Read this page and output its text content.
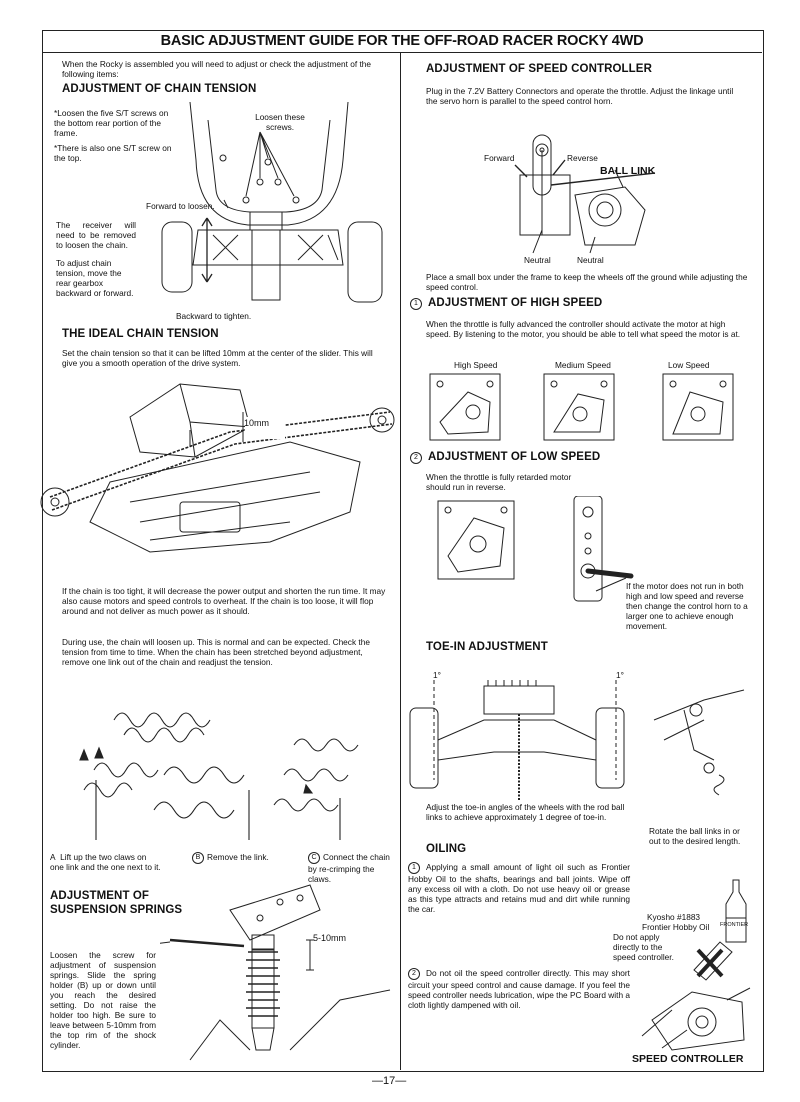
BASIC ADJUSTMENT GUIDE FOR THE OFF-ROAD RACER ROCKY 4WD
When the Rocky is assembled you will need to adjust or check the adjustment of the following items:
ADJUSTMENT OF CHAIN TENSION
*Loosen the five S/T screws on the bottom rear portion of the frame.
*There is also one S/T screw on the top.
Loosen these screws.
Forward to loosen.
The receiver will need to be removed to loosen the chain.
To adjust chain tension, move the rear gearbox backward or forward.
Backward to tighten.
THE IDEAL CHAIN TENSION
Set the chain tension so that it can be lifted 10mm at the center of the slider. This will give you a smooth operation of the drive system.
10mm
If the chain is too tight, it will decrease the power output and shorten the run time. It may also cause motors and speed controls to overheat. If the chain is too loose, it will flop around and not deliver as much power as it should.
During use, the chain will loosen up. This is normal and can be expected. Check the tension from time to time. When the chain has been stretched beyond adjustment, remove one link out of the chain and readjust the tension.
A Lift up the two claws on one link and the one next to it.
B Remove the link.	C Connect the chain by re-crimping the claws.
ADJUSTMENT OF
SUSPENSION SPRINGS
Loosen the screw for adjustment of suspension springs. Slide the spring holder (B) up or down until you reach the desired setting. Do not raise the holder too high. Be sure to leave between 5-10mm from the top rim of the shock cylinder.
5-10mm
ADJUSTMENT OF SPEED CONTROLLER
Plug in the 7.2V Battery Connectors and operate the throttle. Adjust the linkage until the servo horn is parallel to the speed control horn.
Forward	Reverse
BALL LINK
Neutral	Neutral
Place a small box under the frame to keep the wheels off the ground while adjusting the speed control.
1 ADJUSTMENT OF HIGH SPEED
When the throttle is fully advanced the controller should activate the motor at high speed. By listening to the motor, you should be able to tell what speed the motor is at.
High Speed	Medium Speed	Low Speed
2 ADJUSTMENT OF LOW SPEED
When the throttle is fully retarded motor should run in reverse.
If the motor does not run in both high and low speed and reverse then change the control horn to a larger one to achieve enough movement.
TOE-IN ADJUSTMENT
1°	1°
Adjust the toe-in angles of the wheels with the rod ball links to achieve approximately 1 degree of toe-in.
Rotate the ball links in or out to the desired length.
OILING
1 Applying a small amount of light oil such as Frontier Hobby Oil to the shafts, bearings and ball joints. Wipe off any excess oil with a cloth. Do not use heavy oil or grease as this type attracts and retains mud and dirt while running the car.
Kyosho #1883
Frontier Hobby Oil FRONTIER
Do not apply directly to the speed controller.
2 Do not oil the speed controller directly. This may short circuit your speed control and cause damage. If you feel the speed controller needs lubrication, wipe the PC Board with a cloth lightly dampened with oil.
SPEED CONTROLLER
—17—
